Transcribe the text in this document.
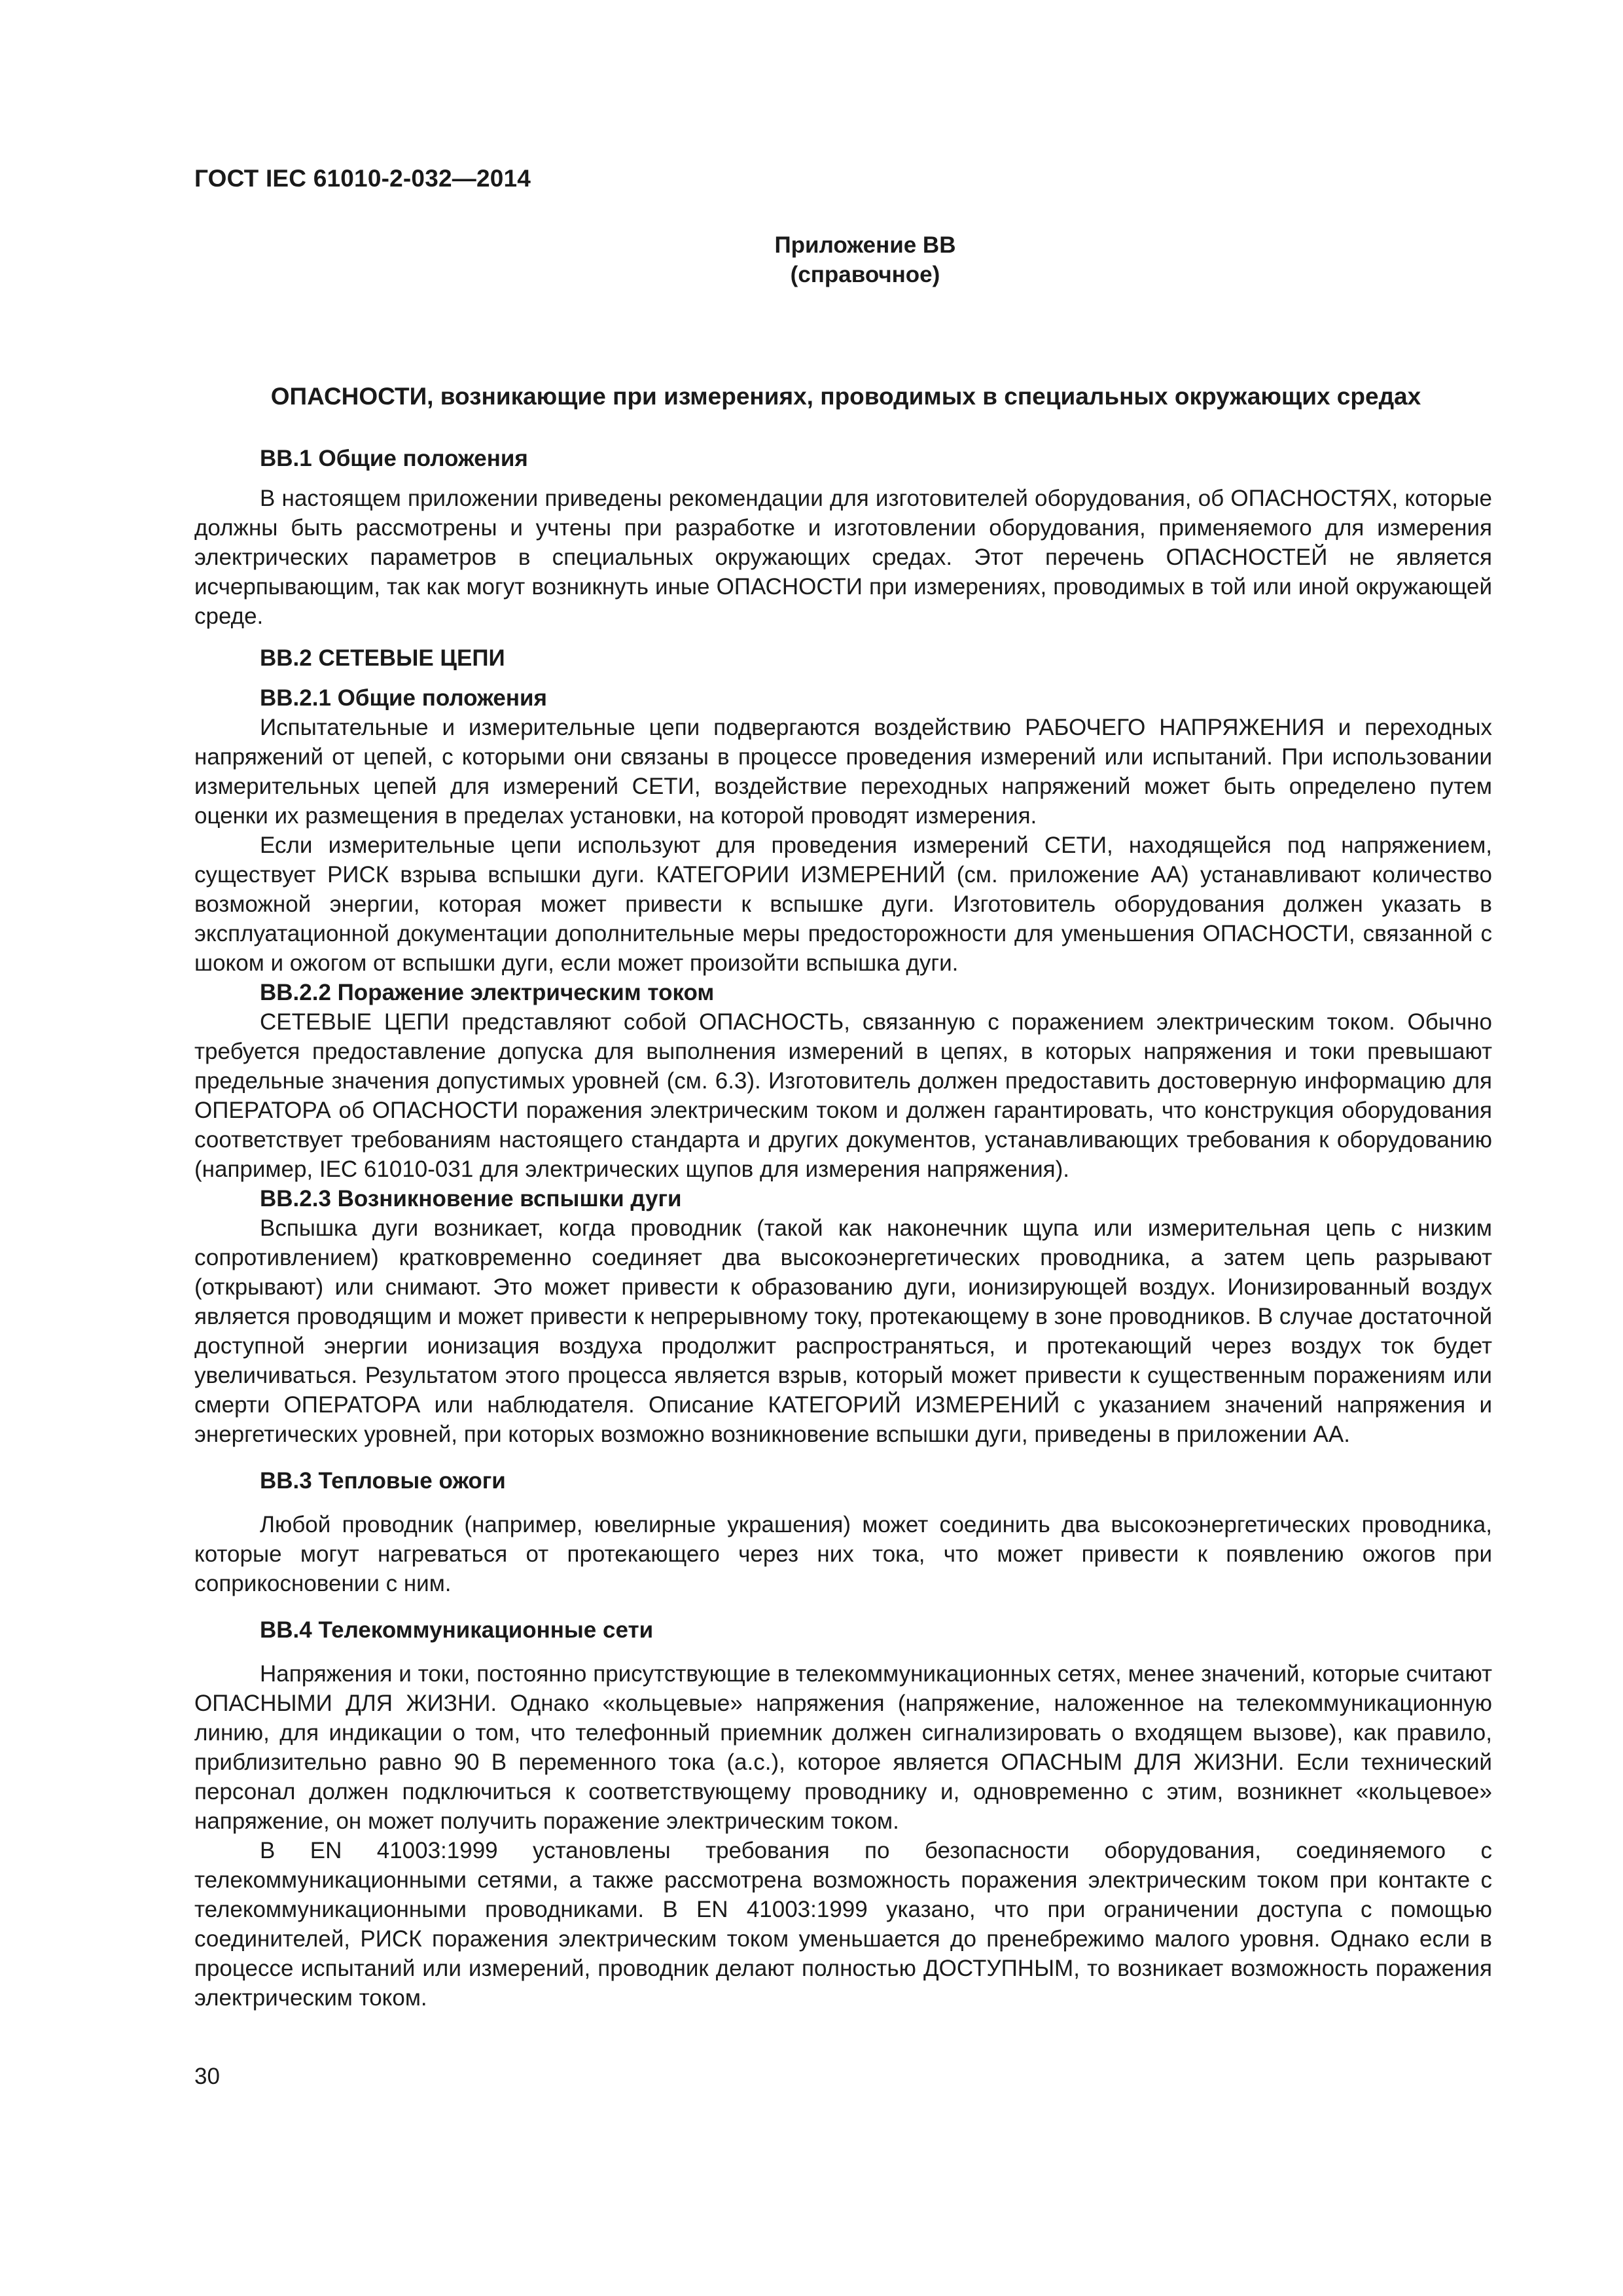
ГОСТ IEC 61010-2-032—2014
Приложение ВВ
(справочное)
ОПАСНОСТИ, возникающие при измерениях, проводимых в специальных окружающих средах
BB.1 Общие положения

В настоящем приложении приведены рекомендации для изготовителей оборудования, об ОПАСНОСТЯХ, которые должны быть рассмотрены и учтены при разработке и изготовлении оборудования, применяемого для измерения электрических параметров в специальных окружающих средах. Этот перечень ОПАСНОСТЕЙ не является исчерпывающим, так как могут возникнуть иные ОПАСНОСТИ при измерениях, проводимых в той или иной окружающей среде.

ВВ.2 СЕТЕВЫЕ ЦЕПИ
ВВ.2.1 Общие положения

Испытательные и измерительные цепи подвергаются воздействию РАБОЧЕГО НАПРЯЖЕНИЯ и переходных напряжений от цепей, с которыми они связаны в процессе проведения измерений или испытаний. При использовании измерительных цепей для измерений СЕТИ, воздействие переходных напряжений может быть определено путем оценки их размещения в пределах установки, на которой проводят измерения.

Если измерительные цепи используют для проведения измерений СЕТИ, находящейся под напряжением, существует РИСК взрыва вспышки дуги. КАТЕГОРИИ ИЗМЕРЕНИЙ (см. приложение АА) устанавливают количество возможной энергии, которая может привести к вспышке дуги. Изготовитель оборудования должен указать в эксплуатационной документации дополнительные меры предосторожности для уменьшения ОПАСНОСТИ, связанной с шоком и ожогом от вспышки дуги, если может произойти вспышка дуги.

ВВ.2.2 Поражение электрическим током

СЕТЕВЫЕ ЦЕПИ представляют собой ОПАСНОСТЬ, связанную с поражением электрическим током. Обычно требуется предоставление допуска для выполнения измерений в цепях, в которых напряжения и токи превышают предельные значения допустимых уровней (см. 6.3). Изготовитель должен предоставить достоверную информацию для ОПЕРАТОРА об ОПАСНОСТИ поражения электрическим током и должен гарантировать, что конструкция оборудования соответствует требованиям настоящего стандарта и других документов, устанавливающих требования к оборудованию (например, IEC 61010-031 для электрических щупов для измерения напряжения).

ВВ.2.3 Возникновение вспышки дуги

Вспышка дуги возникает, когда проводник (такой как наконечник щупа или измерительная цепь с низким сопротивлением) кратковременно соединяет два высокоэнергетических проводника, а затем цепь разрывают (открывают) или снимают. Это может привести к образованию дуги, ионизирующей воздух. Ионизированный воздух является проводящим и может привести к непрерывному току, протекающему в зоне проводников. В случае достаточной доступной энергии ионизация воздуха продолжит распространяться, и протекающий через воздух ток будет увеличиваться. Результатом этого процесса является взрыв, который может привести к существенным поражениям или смерти ОПЕРАТОРА или наблюдателя. Описание КАТЕГОРИЙ ИЗМЕРЕНИЙ с указанием значений напряжения и энергетических уровней, при которых возможно возникновение вспышки дуги, приведены в приложении АА.

ВВ.3 Тепловые ожоги

Любой проводник (например, ювелирные украшения) может соединить два высокоэнергетических проводника, которые могут нагреваться от протекающего через них тока, что может привести к появлению ожогов при соприкосновении с ним.

ВВ.4 Телекоммуникационные сети

Напряжения и токи, постоянно присутствующие в телекоммуникационных сетях, менее значений, которые считают ОПАСНЫМИ ДЛЯ ЖИЗНИ. Однако «кольцевые» напряжения (напряжение, наложенное на телекоммуникационную линию, для индикации о том, что телефонный приемник должен сигнализировать о входящем вызове), как правило, приблизительно равно 90 В переменного тока (а.с.), которое является ОПАСНЫМ ДЛЯ ЖИЗНИ. Если технический персонал должен подключиться к соответствующему проводнику и, одновременно с этим, возникнет «кольцевое» напряжение, он может получить поражение электрическим током.

В EN 41003:1999 установлены требования по безопасности оборудования, соединяемого с телекоммуникационными сетями, а также рассмотрена возможность поражения электрическим током при контакте с телекоммуникационными проводниками. В EN 41003:1999 указано, что при ограничении доступа с помощью соединителей, РИСК поражения электрическим током уменьшается до пренебрежимо малого уровня. Однако если в процессе испытаний или измерений, проводник делают полностью ДОСТУПНЫМ, то возникает возможность поражения электрическим током.

30
